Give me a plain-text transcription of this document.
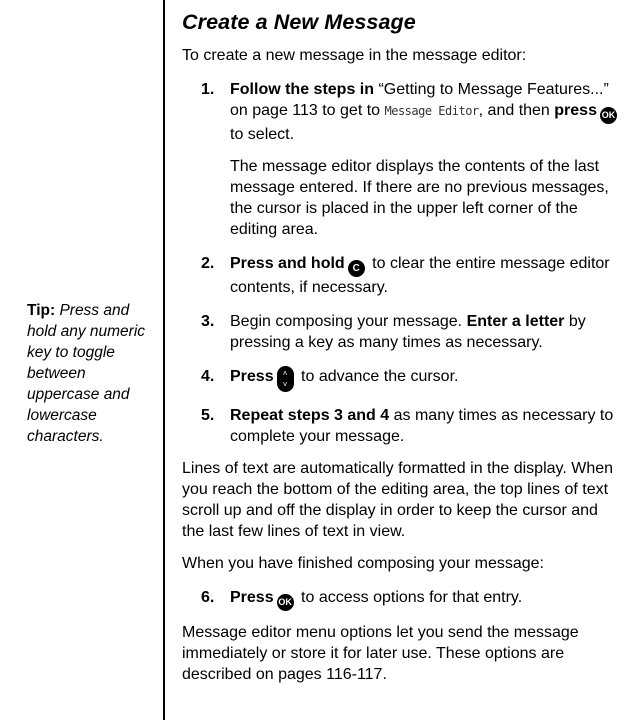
Tip: Press and hold any numeric key to toggle between uppercase and lowercase characters.
Create a New Message

To create a new message in the message editor:

1. Follow the steps in “Getting to Message Features...” on page 113 to get to Message Editor, and then press OK to select.

The message editor displays the contents of the last message entered. If there are no previous messages, the cursor is placed in the upper left corner of the editing area.

2. Press and hold C to clear the entire message editor contents, if necessary.
3. Begin composing your message. Enter a letter by pressing a key as many times as necessary.
4. Press ˄
˅ to advance the cursor.
5. Repeat steps 3 and 4 as many times as necessary to complete your message.

Lines of text are automatically formatted in the display. When you reach the bottom of the editing area, the top lines of text scroll up and off the display in order to keep the cursor and the last few lines of text in view.

When you have finished composing your message:

6. Press OK to access options for that entry.

Message editor menu options let you send the message immediately or store it for later use. These options are described on pages 116-117.
